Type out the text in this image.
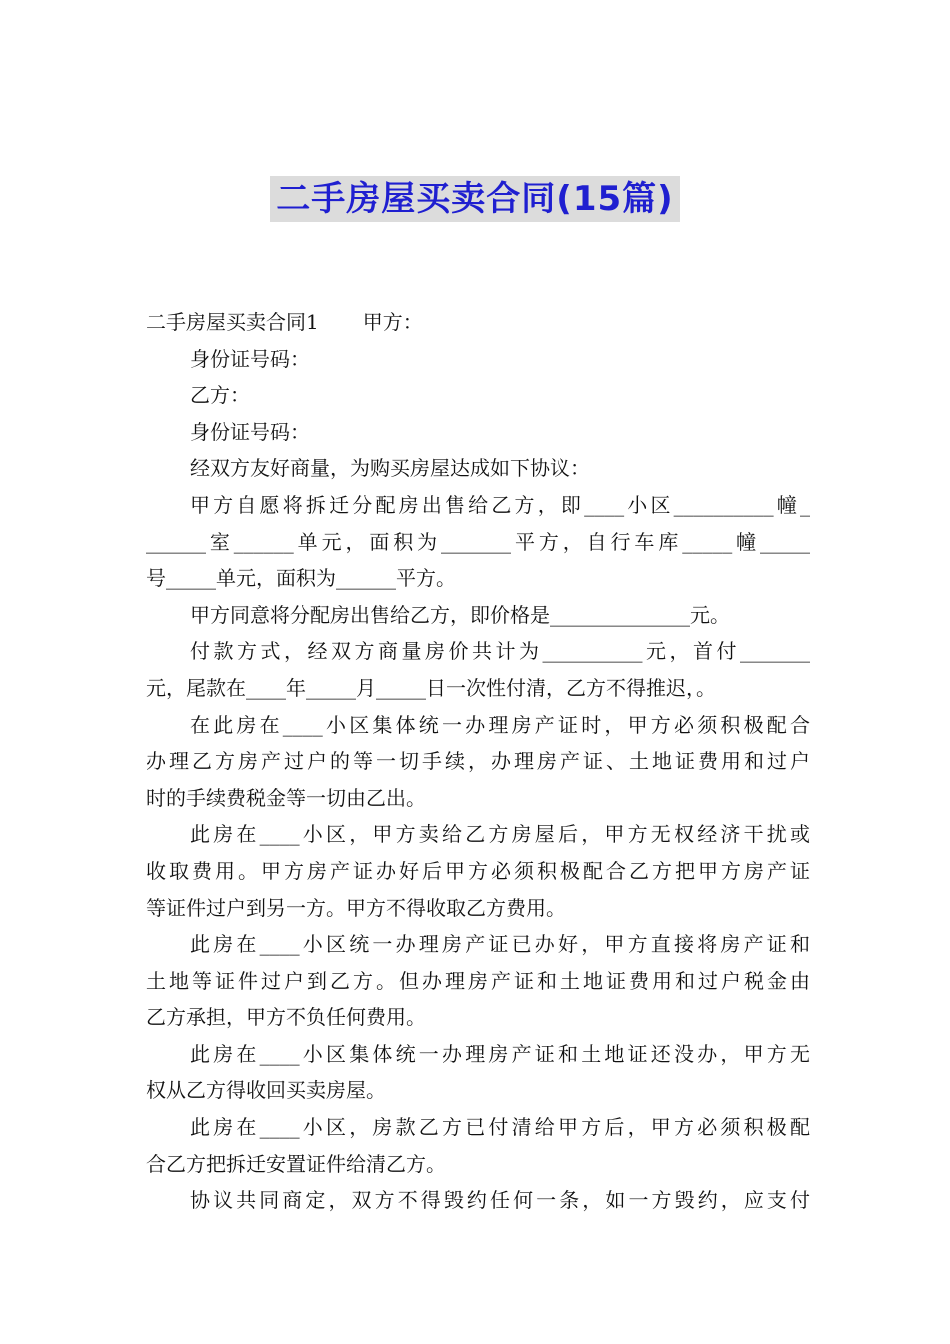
二手房屋买卖合同(15篇)
二手房屋买卖合同1 甲方：
身份证号码：
乙方：
身份证号码：
经双方友好商量，为购买房屋达成如下协议：
甲方自愿将拆迁分配房出售给乙方，即____小区__________幢_
______室______单元，面积为_______平方，自行车库_____幢_____
号_____单元，面积为______平方。
甲方同意将分配房出售给乙方，即价格是______________元。
付款方式，经双方商量房价共计为__________元，首付_______
元，尾款在____年_____月_____日一次性付清，乙方不得推迟，。
在此房在____小区集体统一办理房产证时，甲方必须积极配合
办理乙方房产过户的等一切手续，办理房产证、土地证费用和过户
时的手续费税金等一切由乙出。
此房在____小区，甲方卖给乙方房屋后，甲方无权经济干扰或
收取费用。甲方房产证办好后甲方必须积极配合乙方把甲方房产证
等证件过户到另一方。甲方不得收取乙方费用。
此房在____小区统一办理房产证已办好，甲方直接将房产证和
土地等证件过户到乙方。但办理房产证和土地证费用和过户税金由
乙方承担，甲方不负任何费用。
此房在____小区集体统一办理房产证和土地证还没办，甲方无
权从乙方得收回买卖房屋。
此房在____小区，房款乙方已付清给甲方后，甲方必须积极配
合乙方把拆迁安置证件给清乙方。
协议共同商定，双方不得毁约任何一条，如一方毁约，应支付
